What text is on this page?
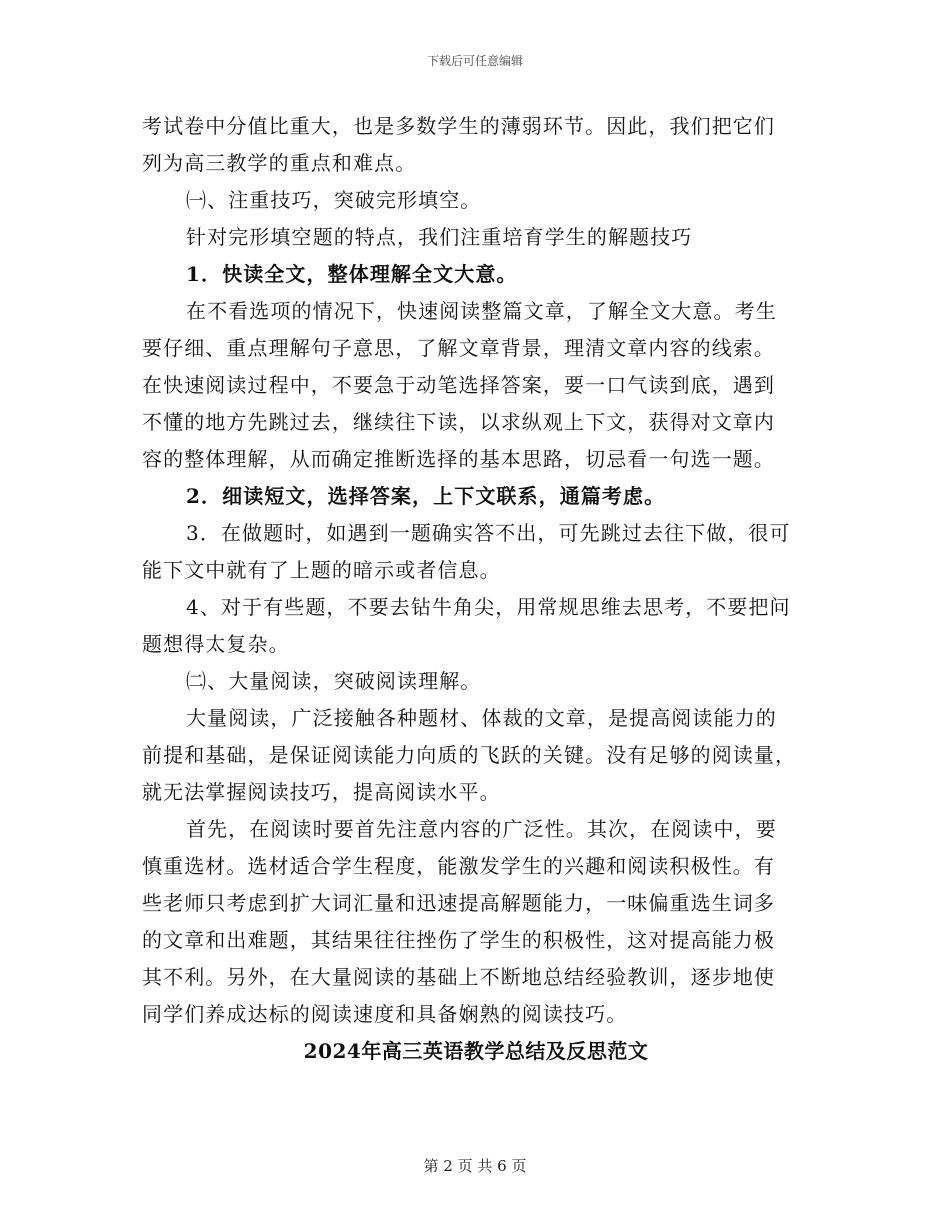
下载后可任意编辑
考试卷中分值比重大，也是多数学生的薄弱环节。因此，我们把它们
列为高三教学的重点和难点。
㈠、注重技巧，突破完形填空。
针对完形填空题的特点，我们注重培育学生的解题技巧
1．快读全文，整体理解全文大意。
在不看选项的情况下，快速阅读整篇文章，了解全文大意。考生
要仔细、重点理解句子意思，了解文章背景，理清文章内容的线索。
在快速阅读过程中，不要急于动笔选择答案，要一口气读到底，遇到
不懂的地方先跳过去，继续往下读，以求纵观上下文，获得对文章内
容的整体理解，从而确定推断选择的基本思路，切忌看一句选一题。
2．细读短文，选择答案，上下文联系，通篇考虑。
3．在做题时，如遇到一题确实答不出，可先跳过去往下做，很可
能下文中就有了上题的暗示或者信息。
4、对于有些题，不要去钻牛角尖，用常规思维去思考，不要把问
题想得太复杂。
㈡、大量阅读，突破阅读理解。
大量阅读，广泛接触各种题材、体裁的文章，是提高阅读能力的
前提和基础，是保证阅读能力向质的飞跃的关键。没有足够的阅读量，
就无法掌握阅读技巧，提高阅读水平。
首先，在阅读时要首先注意内容的广泛性。其次，在阅读中，要
慎重选材。选材适合学生程度，能激发学生的兴趣和阅读积极性。有
些老师只考虑到扩大词汇量和迅速提高解题能力，一味偏重选生词多
的文章和出难题，其结果往往挫伤了学生的积极性，这对提高能力极
其不利。另外，在大量阅读的基础上不断地总结经验教训，逐步地使
同学们养成达标的阅读速度和具备娴熟的阅读技巧。
2024年高三英语教学总结及反思范文
第 2 页 共 6 页
